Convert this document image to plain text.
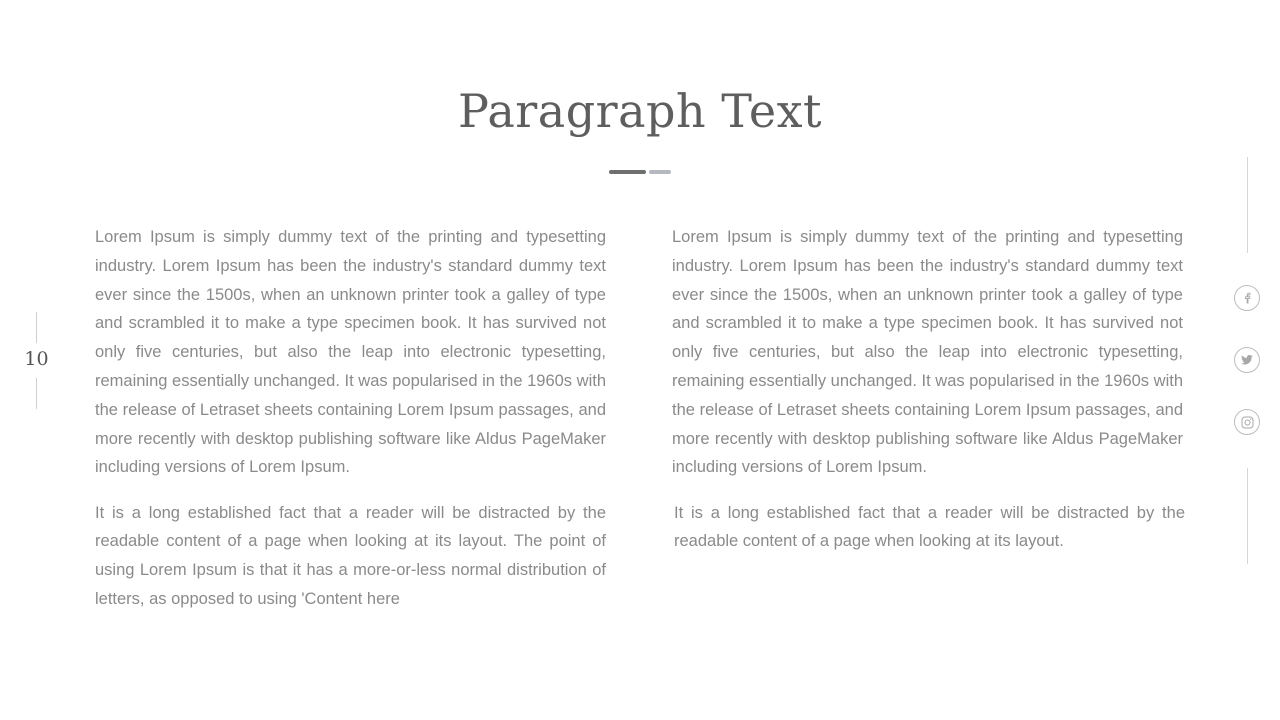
Paragraph Text
10

Lorem Ipsum is simply dummy text of the printing and typesetting industry. Lorem Ipsum has been the industry's standard dummy text ever since the 1500s, when an unknown printer took a galley of type and scrambled it to make a type specimen book. It has survived not only five centuries, but also the leap into electronic typesetting, remaining essentially unchanged. It was popularised in the 1960s with the release of Letraset sheets containing Lorem Ipsum passages, and more recently with desktop publishing software like Aldus PageMaker including versions of Lorem Ipsum.

It is a long established fact that a reader will be distracted by the readable content of a page when looking at its layout. The point of using Lorem Ipsum is that it has a more-or-less normal distribution of letters, as opposed to using 'Content here

Lorem Ipsum is simply dummy text of the printing and typesetting industry. Lorem Ipsum has been the industry's standard dummy text ever since the 1500s, when an unknown printer took a galley of type and scrambled it to make a type specimen book. It has survived not only five centuries, but also the leap into electronic typesetting, remaining essentially unchanged. It was popularised in the 1960s with the release of Letraset sheets containing Lorem Ipsum passages, and more recently with desktop publishing software like Aldus PageMaker including versions of Lorem Ipsum.

It is a long established fact that a reader will be distracted by the readable content of a page when looking at its layout.
